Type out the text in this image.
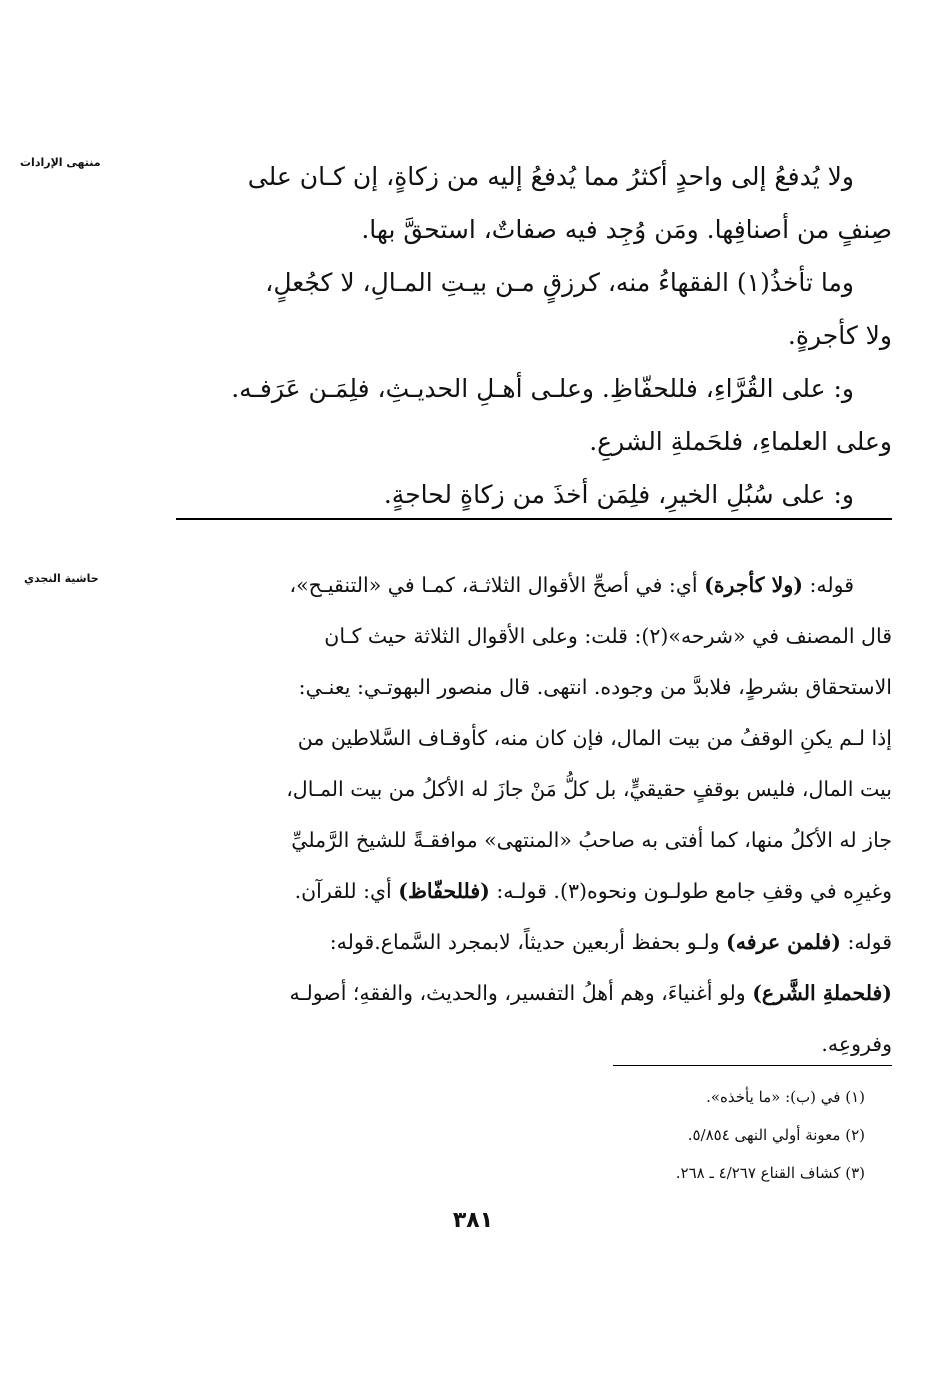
منتهى الإرادات	ولا يُدفعُ إلى واحدٍ أكثرُ مما يُدفعُ إليه من زكاةٍ، إن كـان على

صِنفٍ من أصنافِها. ومَن وُجِد فيه صفاتٌ، استحقَّ بها.

وما تأخذُ(١) الفقهاءُ منه، كرزقٍ مـن بيـتِ المـالِ، لا كجُعلٍ،

ولا كأجرةٍ.

و: على القُرَّاءِ، فللحفّاظِ. وعلـى أهـلِ الحديـثِ، فلِمَـن عَرَفـه.

وعلى العلماءِ، فلحَملةِ الشرعِ.

و: على سُبُلِ الخيرِ، فلِمَن أخذَ من زكاةٍ لحاجةٍ.

حاشية النجدي	قوله: (ولا كأجرة) أي: في أصحِّ الأقوال الثلاثـة، كمـا في «التنقيـح»،

قال المصنف في «شرحه»(٢): قلت: وعلى الأقوال الثلاثة حيث كـان

الاستحقاق بشرطٍ، فلابدَّ من وجوده. انتهى. قال منصور البهوتـي: يعنـي:

إذا لـم يكنِ الوقفُ من بيت المال، فإن كان منه، كأوقـاف السَّلاطين من

بيت المال، فليس بوقفٍ حقيقيٍّ، بل كلُّ مَنْ جازَ له الأكلُ من بيت المـال،

جاز له الأكلُ منها، كما أفتى به صاحبُ «المنتهى» موافقـةً للشيخ الرَّمليِّ

وغيرِه في وقفِ جامع طولـون ونحوه(٣). قولـه: (فللحفّاظ) أي: للقرآن.

قوله: (فلمن عرفه) ولـو بحفظ أربعين حديثاً، لابمجرد السَّماع.قوله:

(فلحملةِ الشَّرع) ولو أغنياءَ، وهم أهلُ التفسير، والحديث، والفقهِ؛ أصولـه

وفروعِه.

(١) في (ب): «ما يأخذه».
(٢) معونة أولي النهى ٥/٨٥٤.
(٣) كشاف القناع ٤/٢٦٧ ـ ٢٦٨.
٣٨١
